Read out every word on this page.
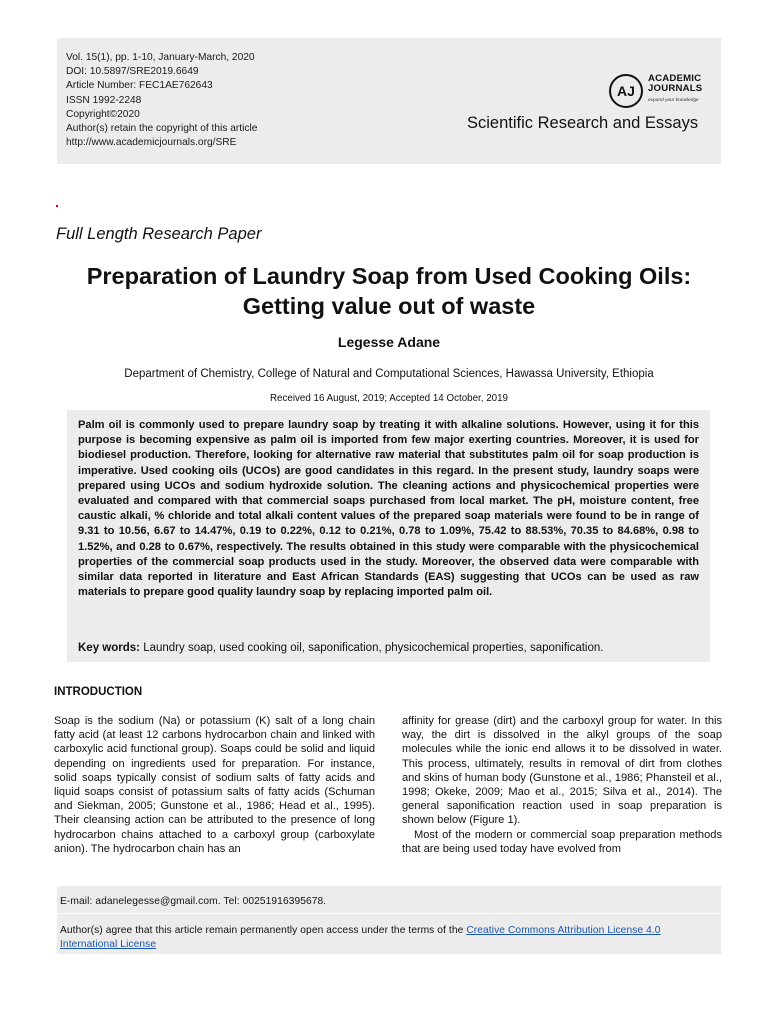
Vol. 15(1), pp. 1-10, January-March, 2020
DOI: 10.5897/SRE2019.6649
Article Number: FEC1AE762643
ISSN 1992-2248
Copyright©2020
Author(s) retain the copyright of this article
http://www.academicjournals.org/SRE
AJ
ACADEMIC
JOURNALS
expand your knowledge
Scientific Research and Essays
Full Length Research Paper
Preparation of Laundry Soap from Used Cooking Oils:
Getting value out of waste
Legesse Adane
Department of Chemistry, College of Natural and Computational Sciences, Hawassa University, Ethiopia
Received 16 August, 2019; Accepted 14 October, 2019
Palm oil is commonly used to prepare laundry soap by treating it with alkaline solutions. However, using it for this purpose is becoming expensive as palm oil is imported from few major exerting countries. Moreover, it is used for biodiesel production. Therefore, looking for alternative raw material that substitutes palm oil for soap production is imperative. Used cooking oils (UCOs) are good candidates in this regard. In the present study, laundry soaps were prepared using UCOs and sodium hydroxide solution. The cleaning actions and physicochemical properties were evaluated and compared with that commercial soaps purchased from local market. The pH, moisture content, free caustic alkali, % chloride and total alkali content values of the prepared soap materials were found to be in range of 9.31 to 10.56, 6.67 to 14.47%, 0.19 to 0.22%, 0.12 to 0.21%, 0.78 to 1.09%, 75.42 to 88.53%, 70.35 to 84.68%, 0.98 to 1.52%, and 0.28 to 0.67%, respectively. The results obtained in this study were comparable with the physicochemical properties of the commercial soap products used in the study. Moreover, the observed data were comparable with similar data reported in literature and East African Standards (EAS) suggesting that UCOs can be used as raw materials to prepare good quality laundry soap by replacing imported palm oil.
Key words: Laundry soap, used cooking oil, saponification, physicochemical properties, saponification.
INTRODUCTION

Soap is the sodium (Na) or potassium (K) salt of a long chain fatty acid (at least 12 carbons hydrocarbon chain and linked with carboxylic acid functional group). Soaps could be solid and liquid depending on ingredients used for preparation. For instance, solid soaps typically consist of sodium salts of fatty acids and liquid soaps consist of potassium salts of fatty acids (Schuman and Siekman, 2005; Gunstone et al., 1986; Head et al., 1995). Their cleansing action can be attributed to the presence of long hydrocarbon chains attached to a carboxyl group (carboxylate anion). The hydrocarbon chain has an

affinity for grease (dirt) and the carboxyl group for water. In this way, the dirt is dissolved in the alkyl groups of the soap molecules while the ionic end allows it to be dissolved in water. This process, ultimately, results in removal of dirt from clothes and skins of human body (Gunstone et al., 1986; Phansteil et al., 1998; Okeke, 2009; Mao et al., 2015; Silva et al., 2014). The general saponification reaction used in soap preparation is shown below (Figure 1).

Most of the modern or commercial soap preparation methods that are being used today have evolved from

E-mail: adanelegesse@gmail.com. Tel: 00251916395678.
Author(s) agree that this article remain permanently open access under the terms of the Creative Commons Attribution License 4.0 International License
